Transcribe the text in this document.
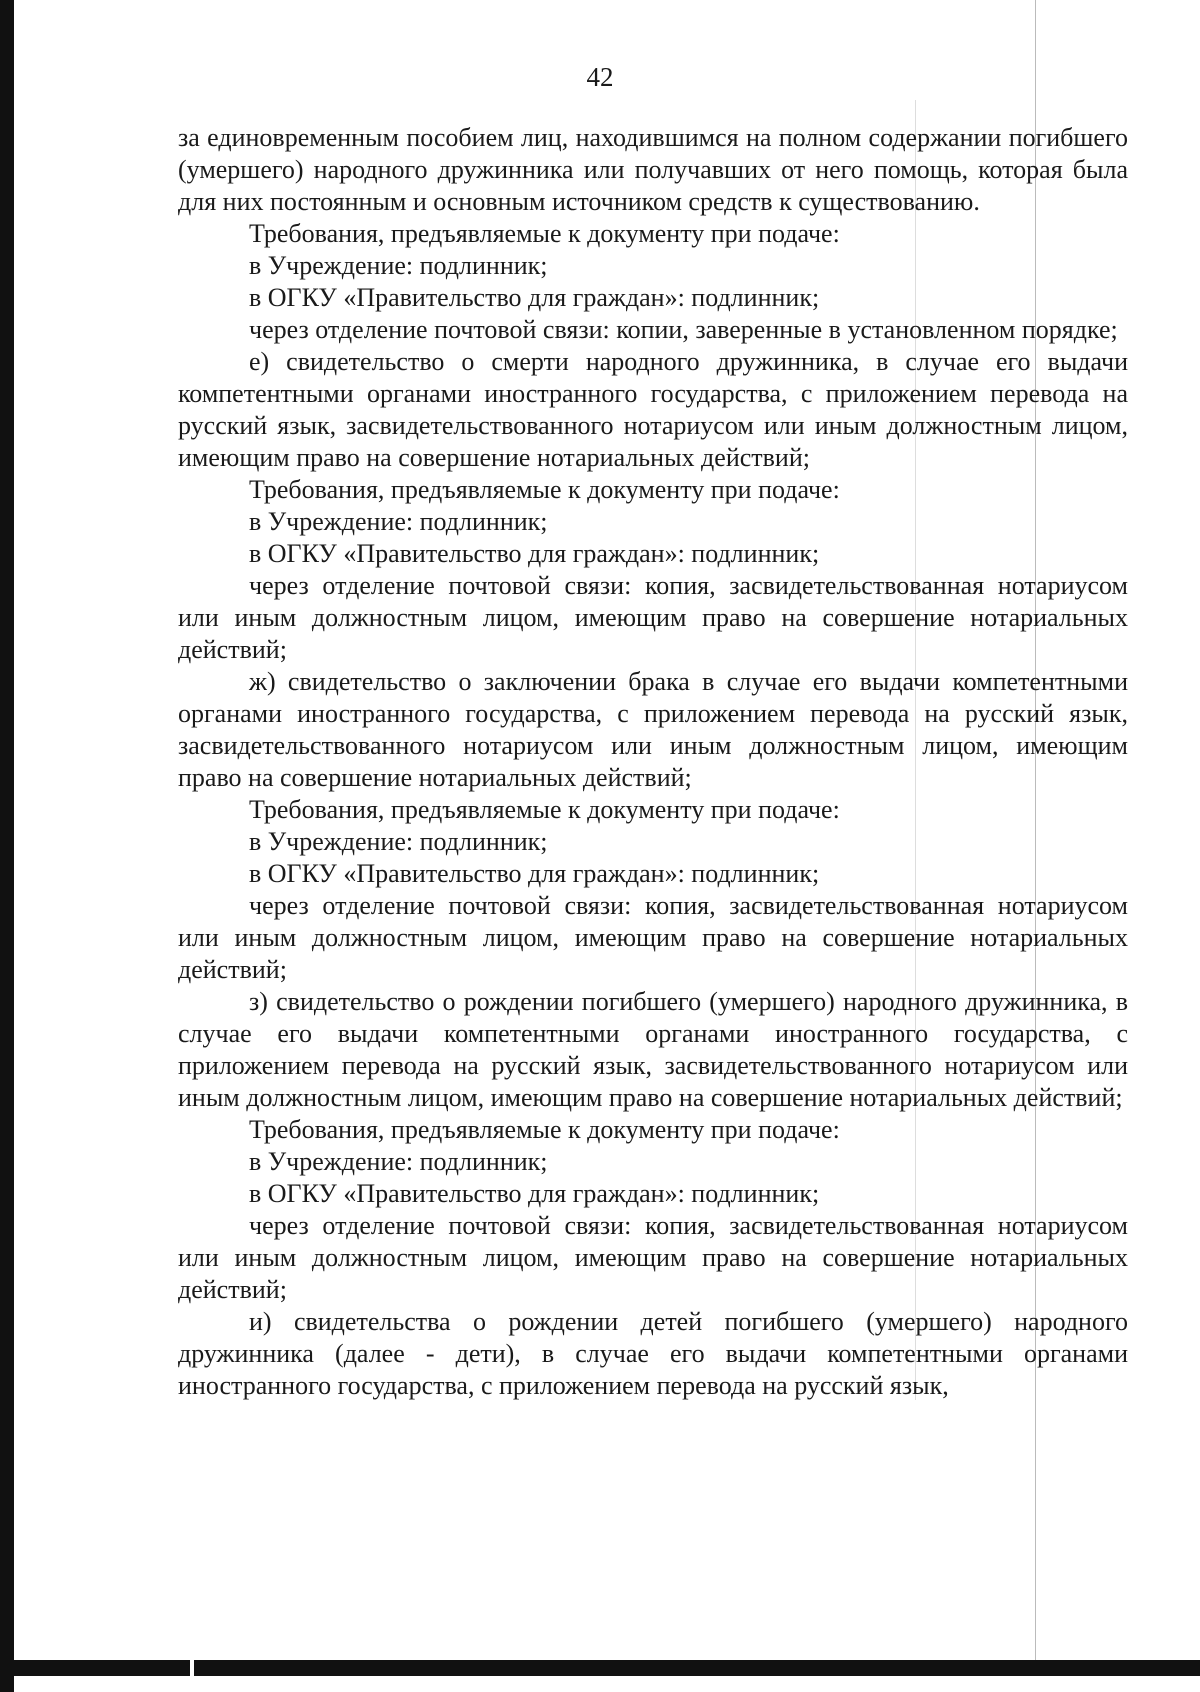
42

за единовременным пособием лиц, находившимся на полном содержании погибшего (умершего) народного дружинника или получавших от него помощь, которая была для них постоянным и основным источником средств к существованию.

Требования, предъявляемые к документу при подаче:

в Учреждение: подлинник;

в ОГКУ «Правительство для граждан»: подлинник;

через отделение почтовой связи: копии, заверенные в установленном порядке;

е) свидетельство о смерти народного дружинника, в случае его выдачи компетентными органами иностранного государства, с приложением перевода на русский язык, засвидетельствованного нотариусом или иным должностным лицом, имеющим право на совершение нотариальных действий;

Требования, предъявляемые к документу при подаче:

в Учреждение: подлинник;

в ОГКУ «Правительство для граждан»: подлинник;

через отделение почтовой связи: копия, засвидетельствованная нотариусом или иным должностным лицом, имеющим право на совершение нотариальных действий;

ж) свидетельство о заключении брака в случае его выдачи компетентными органами иностранного государства, с приложением перевода на русский язык, засвидетельствованного нотариусом или иным должностным лицом, имеющим право на совершение нотариальных действий;

Требования, предъявляемые к документу при подаче:

в Учреждение: подлинник;

в ОГКУ «Правительство для граждан»: подлинник;

через отделение почтовой связи: копия, засвидетельствованная нотариусом или иным должностным лицом, имеющим право на совершение нотариальных действий;

з) свидетельство о рождении погибшего (умершего) народного дружинника, в случае его выдачи компетентными органами иностранного государства, с приложением перевода на русский язык, засвидетельствованного нотариусом или иным должностным лицом, имеющим право на совершение нотариальных действий;

Требования, предъявляемые к документу при подаче:

в Учреждение: подлинник;

в ОГКУ «Правительство для граждан»: подлинник;

через отделение почтовой связи: копия, засвидетельствованная нотариусом или иным должностным лицом, имеющим право на совершение нотариальных действий;

и) свидетельства о рождении детей погибшего (умершего) народного дружинника (далее - дети), в случае его выдачи компетентными органами иностранного государства, с приложением перевода на русский язык,
